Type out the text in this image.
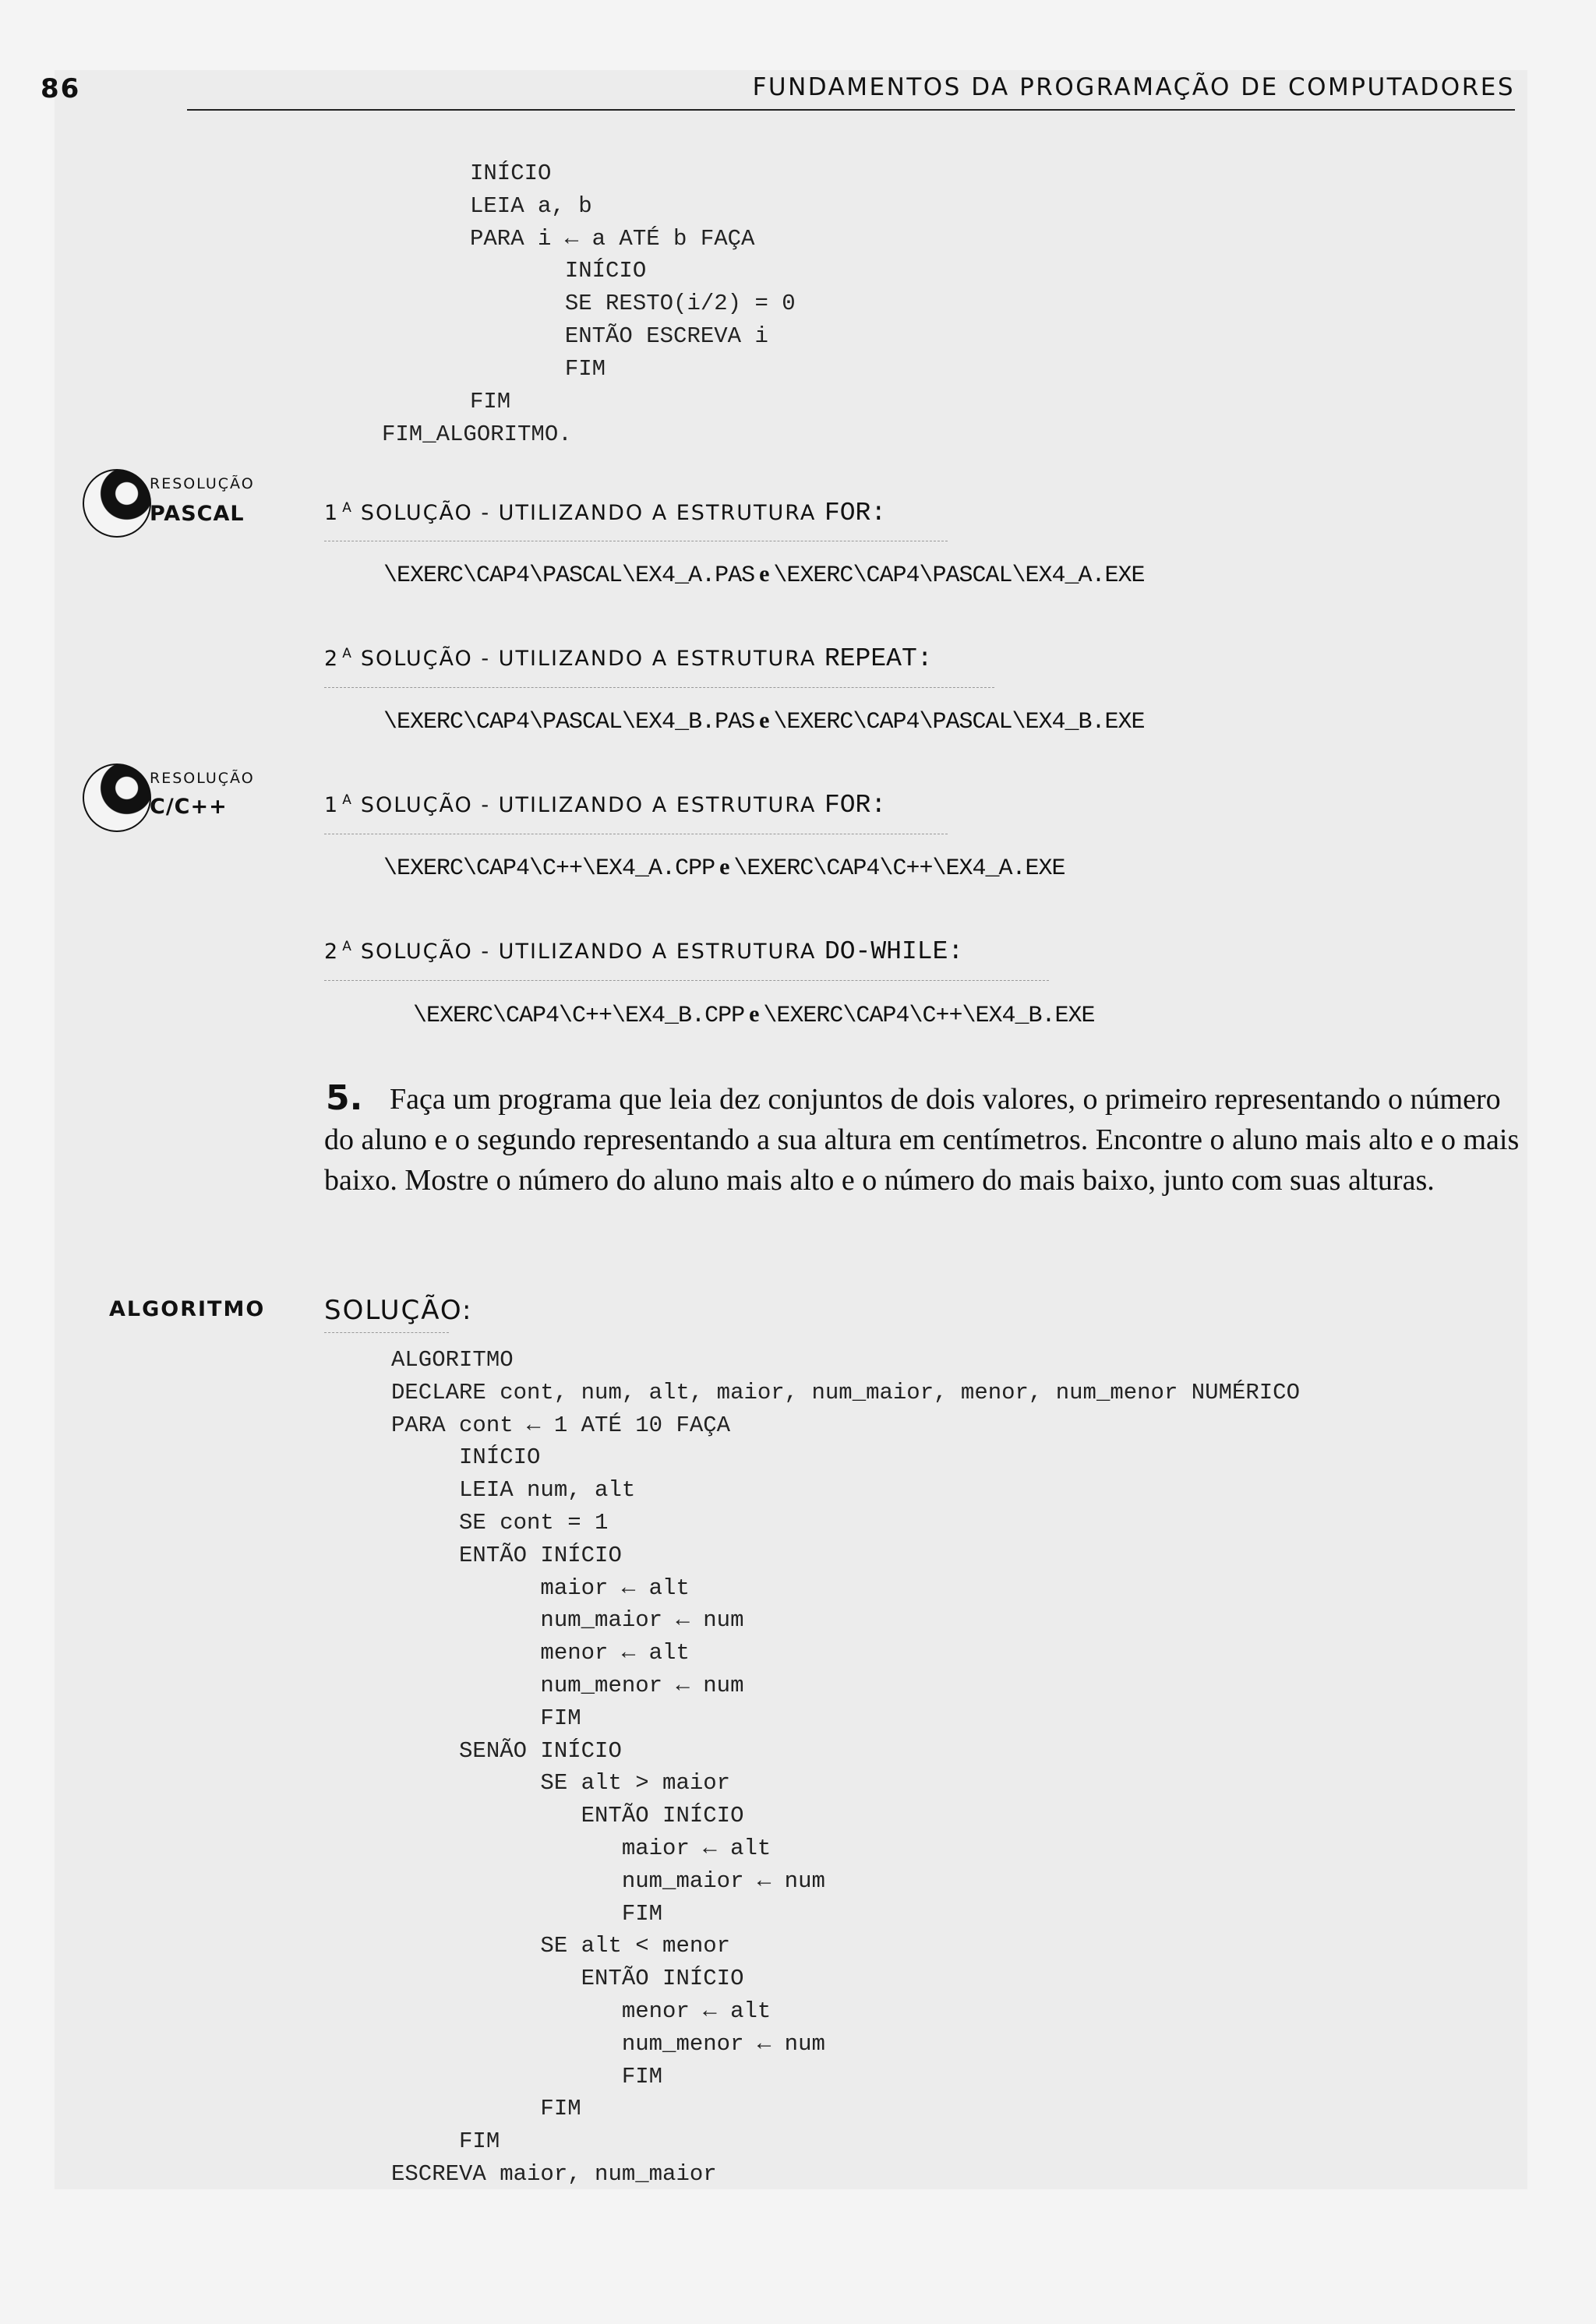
86	FUNDAMENTOS DA PROGRAMAÇÃO DE COMPUTADORES
INÍCIO
LEIA a, b
PARA i ← a ATÉ b FAÇA
INÍCIO
SE RESTO(i/2) = 0
ENTÃO ESCREVA i
FIM
FIM
FIM_ALGORITMO.
RESOLUÇÃO
PASCAL	1 $^A$ SOLUÇÃO - UTILIZANDO A ESTRUTURA FOR:
\EXERC\CAP4\PASCAL\EX4_A.PAS e \EXERC\CAP4\PASCAL\EX4_A.EXE
2 $^A$ SOLUÇÃO - UTILIZANDO A ESTRUTURA REPEAT:
\EXERC\CAP4\PASCAL\EX4_B.PAS e \EXERC\CAP4\PASCAL\EX4_B.EXE
RESOLUÇÃO
C/C++	1 $^A$ SOLUÇÃO - UTILIZANDO A ESTRUTURA FOR:
\EXERC\CAP4\C++\EX4_A.CPP e \EXERC\CAP4\C++\EX4_A.EXE
2 $^A$ SOLUÇÃO - UTILIZANDO A ESTRUTURA DO-WHILE:
\EXERC\CAP4\C++\EX4_B.CPP e \EXERC\CAP4\C++\EX4_B.EXE
5. Faça um programa que leia dez conjuntos de dois valores, o primeiro representando o número do aluno e o segundo representando a sua altura em centímetros. Encontre o aluno mais alto e o mais baixo. Mostre o número do aluno mais alto e o número do mais baixo, junto com suas alturas.
ALGORITMO SOLUÇÃO:
ALGORITMO
DECLARE cont, num, alt, maior, num_maior, menor, num_menor NUMÉRICO
PARA cont ← 1 ATÉ 10 FAÇA
INÍCIO
LEIA num, alt
SE cont = 1
ENTÃO INÍCIO
maior ← alt
num_maior ← num
menor ← alt
num_menor ← num
FIM
SENÃO INÍCIO
SE alt > maior
ENTÃO INÍCIO
maior ← alt
num_maior ← num
FIM
SE alt < menor
ENTÃO INÍCIO
menor ← alt
num_menor ← num
FIM
FIM
FIM
ESCREVA maior, num_maior
